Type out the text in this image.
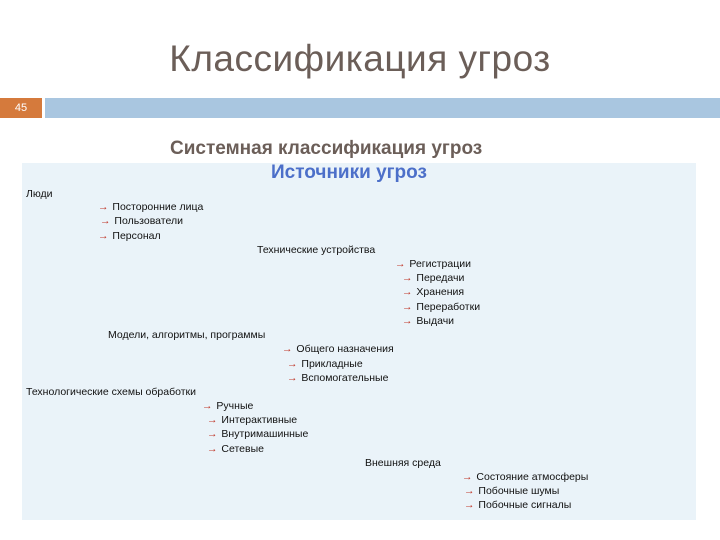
Классификация угроз
45
Системная классификация угроз
Источники угроз
Люди
→ Посторонние лица
→ Пользователи
→ Персонал
Технические устройства
→ Регистрации
→ Передачи
→ Хранения
→ Переработки
→ Выдачи
Модели, алгоритмы, программы
→ Общего назначения
→ Прикладные
→ Вспомогательные
Технологические схемы обработки
→ Ручные
→ Интерактивные
→ Внутримашинные
→ Сетевые
Внешняя среда
→ Состояние атмосферы
→ Побочные шумы
→ Побочные сигналы
